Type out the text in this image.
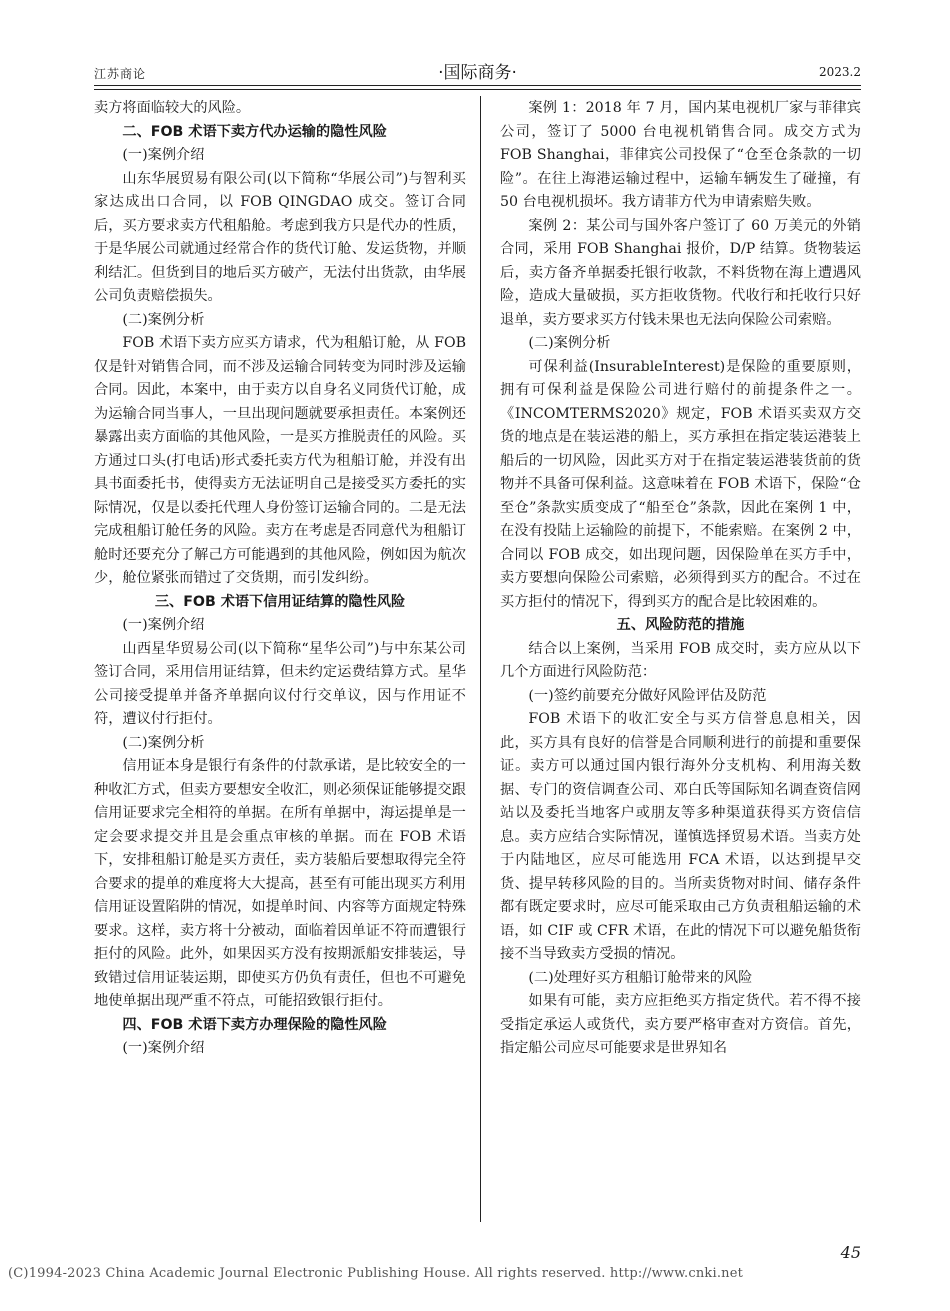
江苏商论	·国际商务·	2023.2

卖方将面临较大的风险。

二、FOB 术语下卖方代办运输的隐性风险
(一)案例介绍

山东华展贸易有限公司(以下简称“华展公司”)与智利买家达成出口合同，以 FOB QINGDAO 成交。签订合同后，买方要求卖方代租船舱。考虑到我方只是代办的性质，于是华展公司就通过经常合作的货代订舱、发运货物，并顺利结汇。但货到目的地后买方破产，无法付出货款，由华展公司负责赔偿损失。

(二)案例分析

FOB 术语下卖方应买方请求，代为租船订舱，从 FOB 仅是针对销售合同，而不涉及运输合同转变为同时涉及运输合同。因此，本案中，由于卖方以自身名义同货代订舱，成为运输合同当事人，一旦出现问题就要承担责任。本案例还暴露出卖方面临的其他风险，一是买方推脱责任的风险。买方通过口头(打电话)形式委托卖方代为租船订舱，并没有出具书面委托书，使得卖方无法证明自己是接受买方委托的实际情况，仅是以委托代理人身份签订运输合同的。二是无法完成租船订舱任务的风险。卖方在考虑是否同意代为租船订舱时还要充分了解己方可能遇到的其他风险，例如因为航次少，舱位紧张而错过了交货期，而引发纠纷。

三、FOB 术语下信用证结算的隐性风险
(一)案例介绍

山西星华贸易公司(以下简称“星华公司”)与中东某公司签订合同，采用信用证结算，但未约定运费结算方式。星华公司接受提单并备齐单据向议付行交单议，因与作用证不符，遭议付行拒付。

(二)案例分析

信用证本身是银行有条件的付款承诺，是比较安全的一种收汇方式，但卖方要想安全收汇，则必须保证能够提交跟信用证要求完全相符的单据。在所有单据中，海运提单是一定会要求提交并且是会重点审核的单据。而在 FOB 术语下，安排租船订舱是买方责任，卖方装船后要想取得完全符合要求的提单的难度将大大提高，甚至有可能出现买方利用信用证设置陷阱的情况，如提单时间、内容等方面规定特殊要求。这样，卖方将十分被动，面临着因单证不符而遭银行拒付的风险。此外，如果因买方没有按期派船安排装运，导致错过信用证装运期，即使买方仍负有责任，但也不可避免地使单据出现严重不符点，可能招致银行拒付。

四、FOB 术语下卖方办理保险的隐性风险
(一)案例介绍

案例 1：2018 年 7 月，国内某电视机厂家与菲律宾公司，签订了 5000 台电视机销售合同。成交方式为 FOB Shanghai，菲律宾公司投保了“仓至仓条款的一切险”。在往上海港运输过程中，运输车辆发生了碰撞，有 50 台电视机损坏。我方请菲方代为申请索赔失败。

案例 2：某公司与国外客户签订了 60 万美元的外销合同，采用 FOB Shanghai 报价，D/P 结算。货物装运后，卖方备齐单据委托银行收款，不料货物在海上遭遇风险，造成大量破损，买方拒收货物。代收行和托收行只好退单，卖方要求买方付钱未果也无法向保险公司索赔。

(二)案例分析

可保利益(InsurableInterest)是保险的重要原则，拥有可保利益是保险公司进行赔付的前提条件之一。《INCOMTERMS2020》规定，FOB 术语买卖双方交货的地点是在装运港的船上，买方承担在指定装运港装上船后的一切风险，因此买方对于在指定装运港装货前的货物并不具备可保利益。这意味着在 FOB 术语下，保险“仓至仓”条款实质变成了“船至仓”条款，因此在案例 1 中，在没有投陆上运输险的前提下，不能索赔。在案例 2 中，合同以 FOB 成交，如出现问题，因保险单在买方手中，卖方要想向保险公司索赔，必须得到买方的配合。不过在买方拒付的情况下，得到买方的配合是比较困难的。

五、风险防范的措施

结合以上案例，当采用 FOB 成交时，卖方应从以下几个方面进行风险防范：

(一)签约前要充分做好风险评估及防范

FOB 术语下的收汇安全与买方信誉息息相关，因此，买方具有良好的信誉是合同顺利进行的前提和重要保证。卖方可以通过国内银行海外分支机构、利用海关数据、专门的资信调查公司、邓白氏等国际知名调查资信网站以及委托当地客户或朋友等多种渠道获得买方资信信息。卖方应结合实际情况，谨慎选择贸易术语。当卖方处于内陆地区，应尽可能选用 FCA 术语，以达到提早交货、提早转移风险的目的。当所卖货物对时间、储存条件都有既定要求时，应尽可能采取由己方负责租船运输的术语，如 CIF 或 CFR 术语，在此的情况下可以避免船货衔接不当导致卖方受损的情况。

(二)处理好买方租船订舱带来的风险

如果有可能，卖方应拒绝买方指定货代。若不得不接受指定承运人或货代，卖方要严格审查对方资信。首先，指定船公司应尽可能要求是世界知名

45
(C)1994-2023 China Academic Journal Electronic Publishing House. All rights reserved. http://www.cnki.net
